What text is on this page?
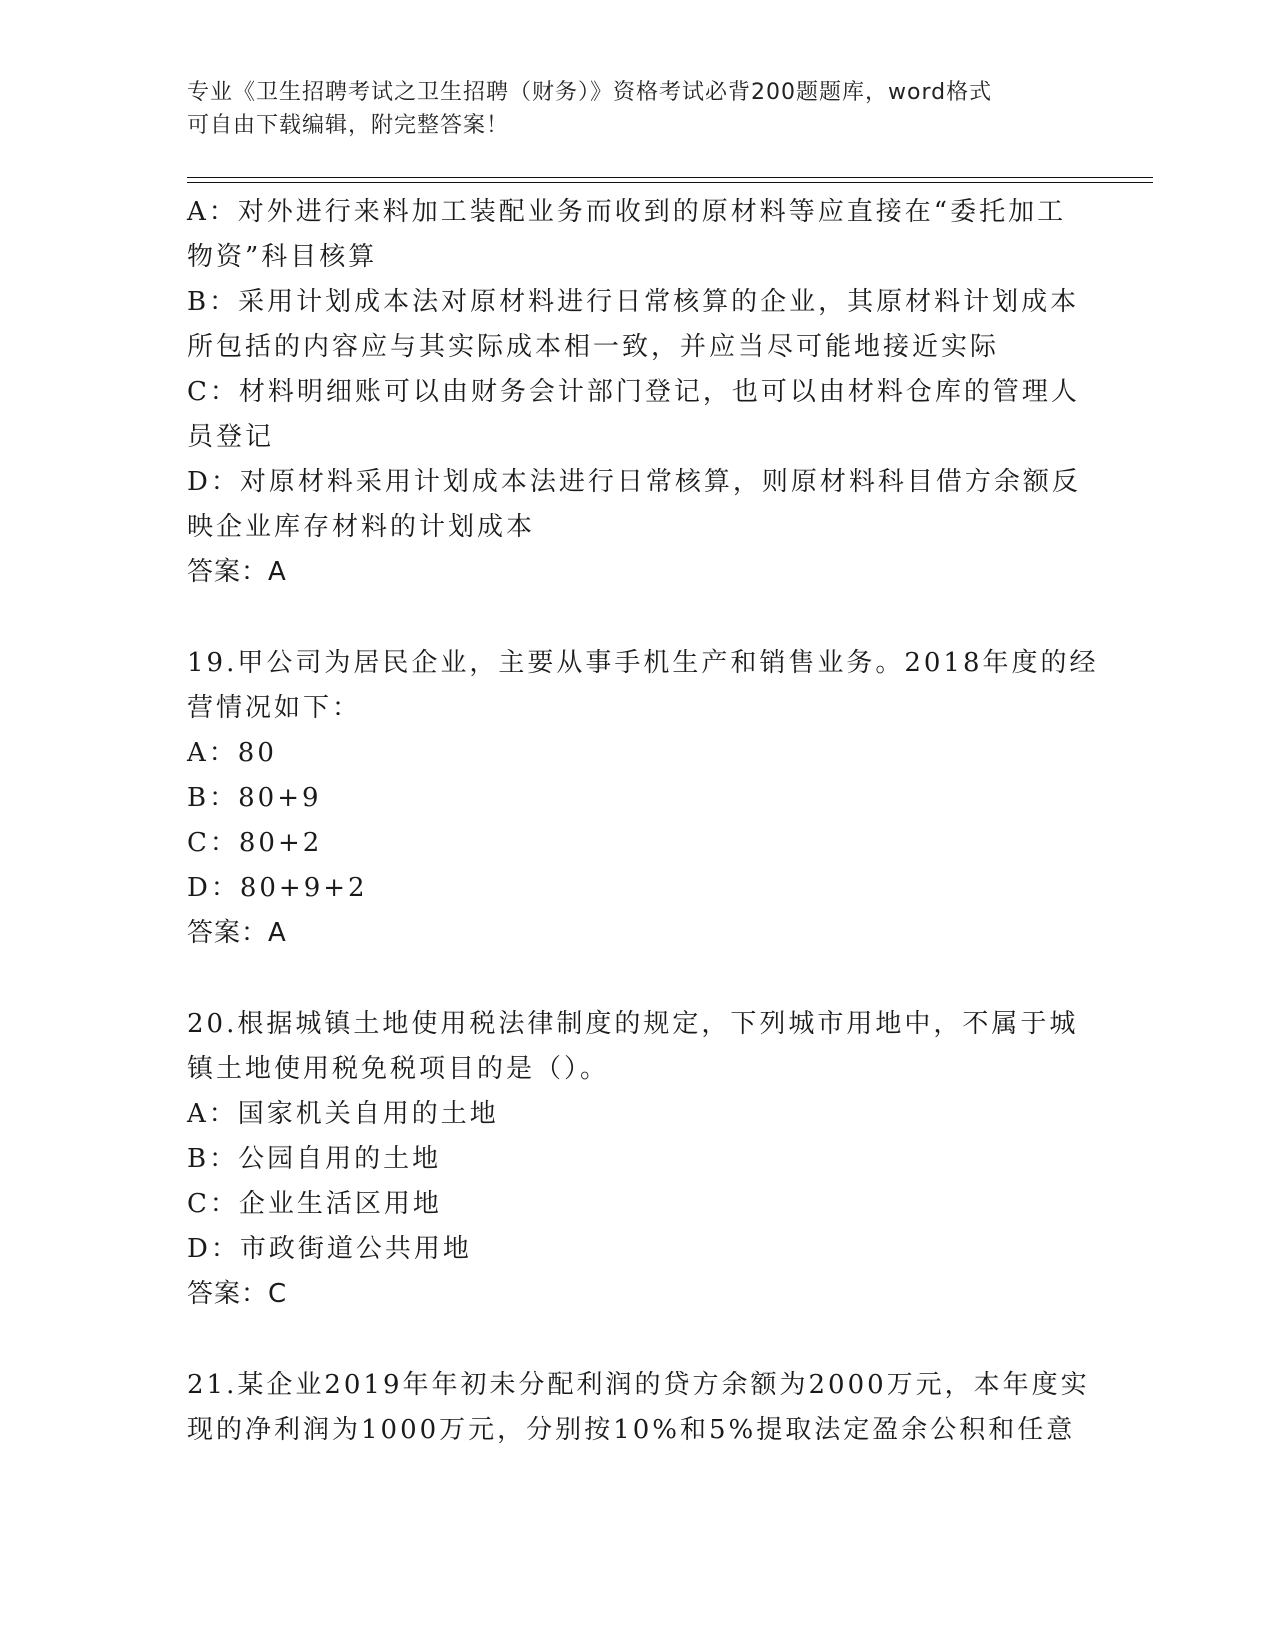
专业《卫生招聘考试之卫生招聘（财务）》资格考试必背200题题库，word格式
可自由下载编辑，附完整答案！
A：对外进行来料加工装配业务而收到的原材料等应直接在“委托加工
物资”科目核算
B：采用计划成本法对原材料进行日常核算的企业，其原材料计划成本
所包括的内容应与其实际成本相一致，并应当尽可能地接近实际
C：材料明细账可以由财务会计部门登记，也可以由材料仓库的管理人
员登记
D：对原材料采用计划成本法进行日常核算，则原材料科目借方余额反
映企业库存材料的计划成本
答案：A
19.甲公司为居民企业，主要从事手机生产和销售业务。2018年度的经
营情况如下：
A：80
B：80+9
C：80+2
D：80+9+2
答案：A
20.根据城镇土地使用税法律制度的规定，下列城市用地中，不属于城
镇土地使用税免税项目的是（）。
A：国家机关自用的土地
B：公园自用的土地
C：企业生活区用地
D：市政街道公共用地
答案：C
21.某企业2019年年初未分配利润的贷方余额为2000万元，本年度实
现的净利润为1000万元，分别按10%和5%提取法定盈余公积和任意
